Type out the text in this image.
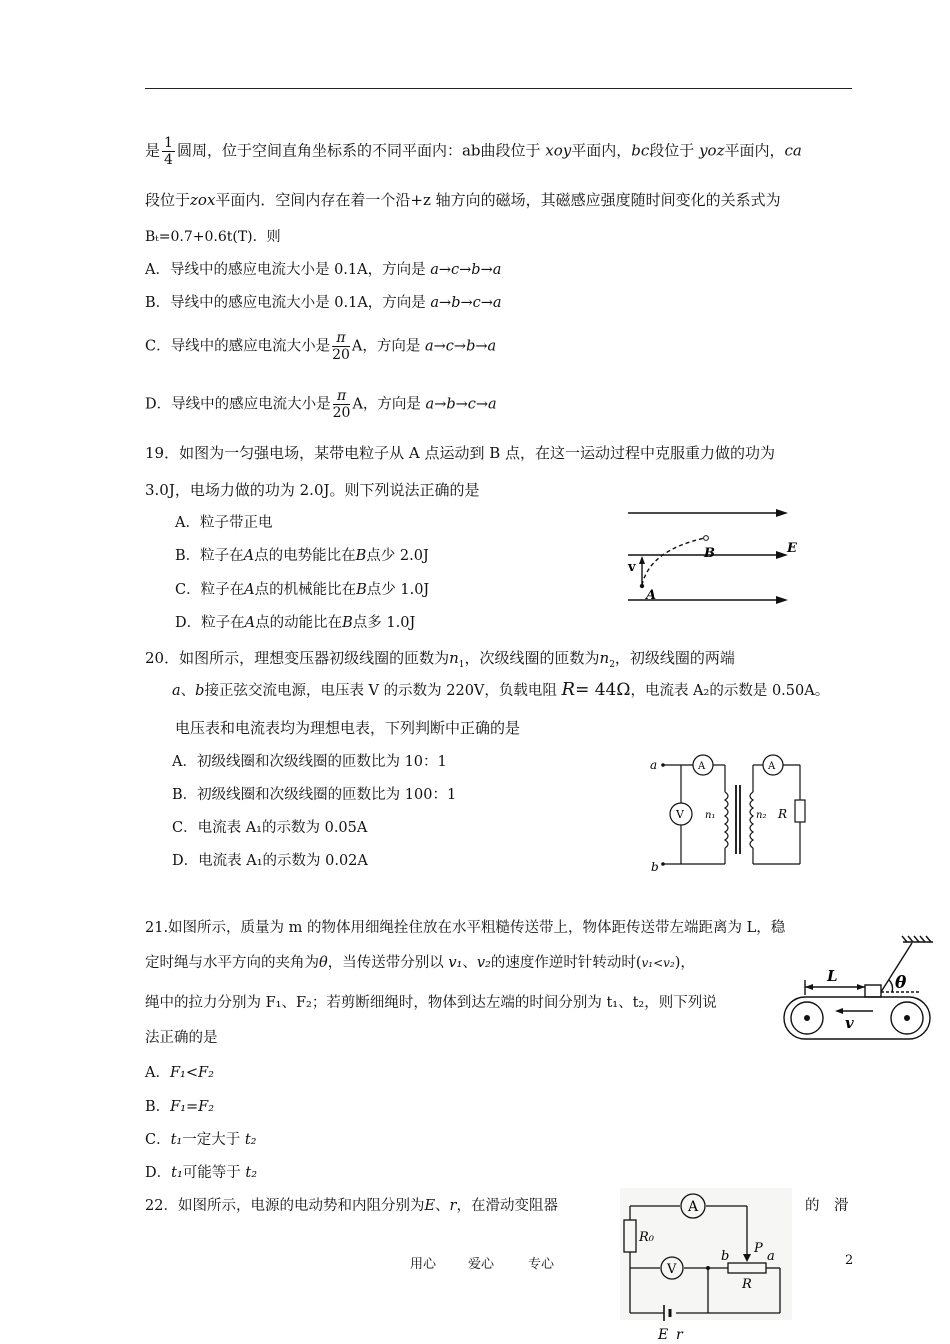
是 $\frac{1}{4}$ 圆周，位于空间直角坐标系的不同平面内：ab曲段位于 xoy平面内，bc段位于 yoz平面内，ca
段位于zox平面内．空间内存在着一个沿+z 轴方向的磁场，其磁感应强度随时间变化的关系式为
Bₜ=0.7+0.6t(T)．则
A．导线中的感应电流大小是 0.1A，方向是 a→c→b→a
B．导线中的感应电流大小是 0.1A，方向是 a→b→c→a
C．导线中的感应电流大小是 $\frac{\pi}{20}$ A，方向是 a→c→b→a
D．导线中的感应电流大小是 $\frac{\pi}{20}$ A，方向是 a→b→c→a
19．如图为一匀强电场，某带电粒子从 A 点运动到 B 点，在这一运动过程中克服重力做的功为
3.0J，电场力做的功为 2.0J。则下列说法正确的是
A．粒子带正电
B．粒子在A点的电势能比在B点少 2.0J
C．粒子在A点的机械能比在B点少 1.0J
D．粒子在A点的动能比在B点多 1.0J
B	E
v
A
20．如图所示，理想变压器初级线圈的匝数为$n_1$，次级线圈的匝数为$n_2$，初级线圈的两端
a、b接正弦交流电源，电压表 V 的示数为 220V，负载电阻 R= 44Ω，电流表 A₂的示数是 0.50A。
电压表和电流表均为理想电表，下列判断中正确的是
A．初级线圈和次级线圈的匝数比为 10：1
B．初级线圈和次级线圈的匝数比为 100：1
C．电流表 A₁的示数为 0.05A
D．电流表 A₁的示数为 0.02A
a
b
A	A
V n₁	n₂ R
21.如图所示，质量为 m 的物体用细绳拴住放在水平粗糙传送带上，物体距传送带左端距离为 L，稳
定时绳与水平方向的夹角为θ，当传送带分别以 v₁、v₂的速度作逆时针转动时(v₁<v₂)，
绳中的拉力分别为 F₁、F₂；若剪断细绳时，物体到达左端的时间分别为 t₁、t₂，则下列说
法正确的是
A．F₁<F₂
B．F₁=F₂
C．t₁一定大于 t₂
D．t₁可能等于 t₂
L	θ
v
22．如图所示，电源的电动势和内阻分别为E、r，在滑动变阻器	的　滑
A
R₀
V
P
b	a
R
E r
用心 爱心	专心	2
